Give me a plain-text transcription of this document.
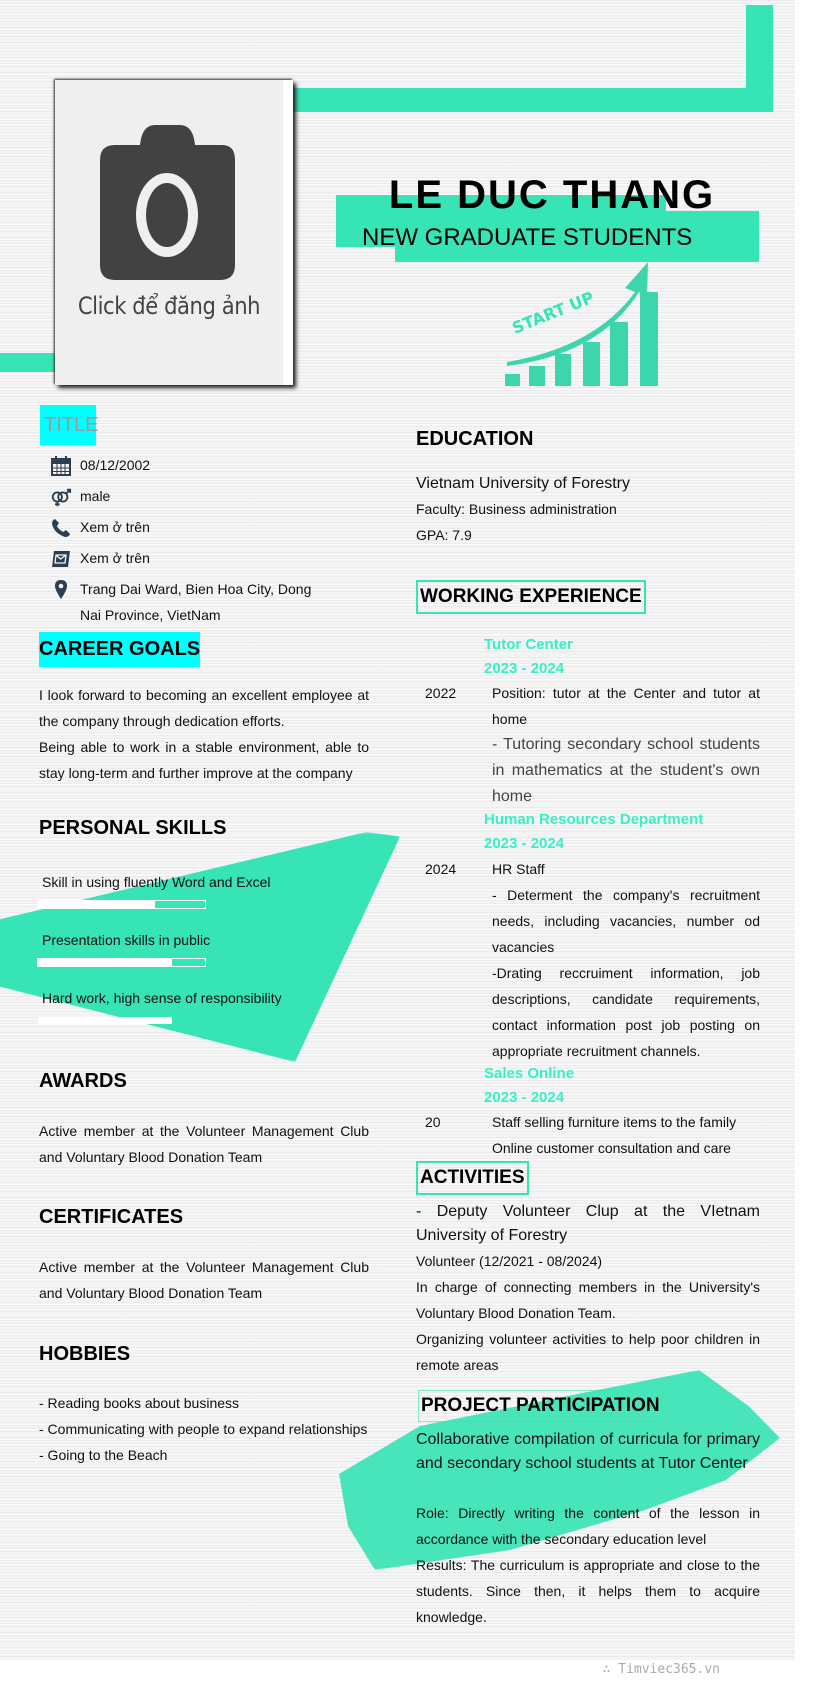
Click để đăng ảnh
LE DUC THANG
NEW GRADUATE STUDENTS
START UP
TITLE
08/12/2002
male
Xem ở trên
Xem ở trên
Trang Dai Ward, Bien Hoa City, Dong
Nai Province, VietNam
CAREER GOALS

I look forward to becoming an excellent employee at the company through dedication efforts.

Being able to work in a stable environment, able to stay long-term and further improve at the company

PERSONAL SKILLS
Skill in using fluently Word and Excel
Presentation skills in public
Hard work, high sense of responsibility
AWARDS
Active member at the Volunteer Management Club and Voluntary Blood Donation Team
CERTIFICATES
Active member at the Volunteer Management Club and Voluntary Blood Donation Team
HOBBIES

- Reading books about business

- Communicating with people to expand relationships

- Going to the Beach

EDUCATION
Vietnam University of Forestry
Faculty: Business administration
GPA: 7.9
WORKING EXPERIENCE
Tutor Center
2023 - 2024
2022	Position: tutor at the Center and tutor at home

- Tutoring secondary school students in mathematics at the student's own home

Human Resources Department
2023 - 2024
2024	HR Staff

- Determent the company's recruitment needs, including vacancies, number od vacancies

-Drating reccruiment information, job descriptions, candidate requirements, contact information post job posting on appropriate recruitment channels.

Sales Online
2023 - 2024
20	Staff selling furniture items to the family

Online customer consultation and care

ACTIVITIES
- Deputy Volunteer Clup at the VIetnam University of Forestry

Volunteer (12/2021 - 08/2024)

In charge of connecting members in the University's Voluntary Blood Donation Team.

Organizing volunteer activities to help poor children in remote areas

PROJECT PARTICIPATION
Collaborative compilation of curricula for primary and secondary school students at Tutor Center

Role: Directly writing the content of the lesson in accordance with the secondary education level

Results: The curriculum is appropriate and close to the students. Since then, it helps them to acquire knowledge.

∴ Timviec365.vn
